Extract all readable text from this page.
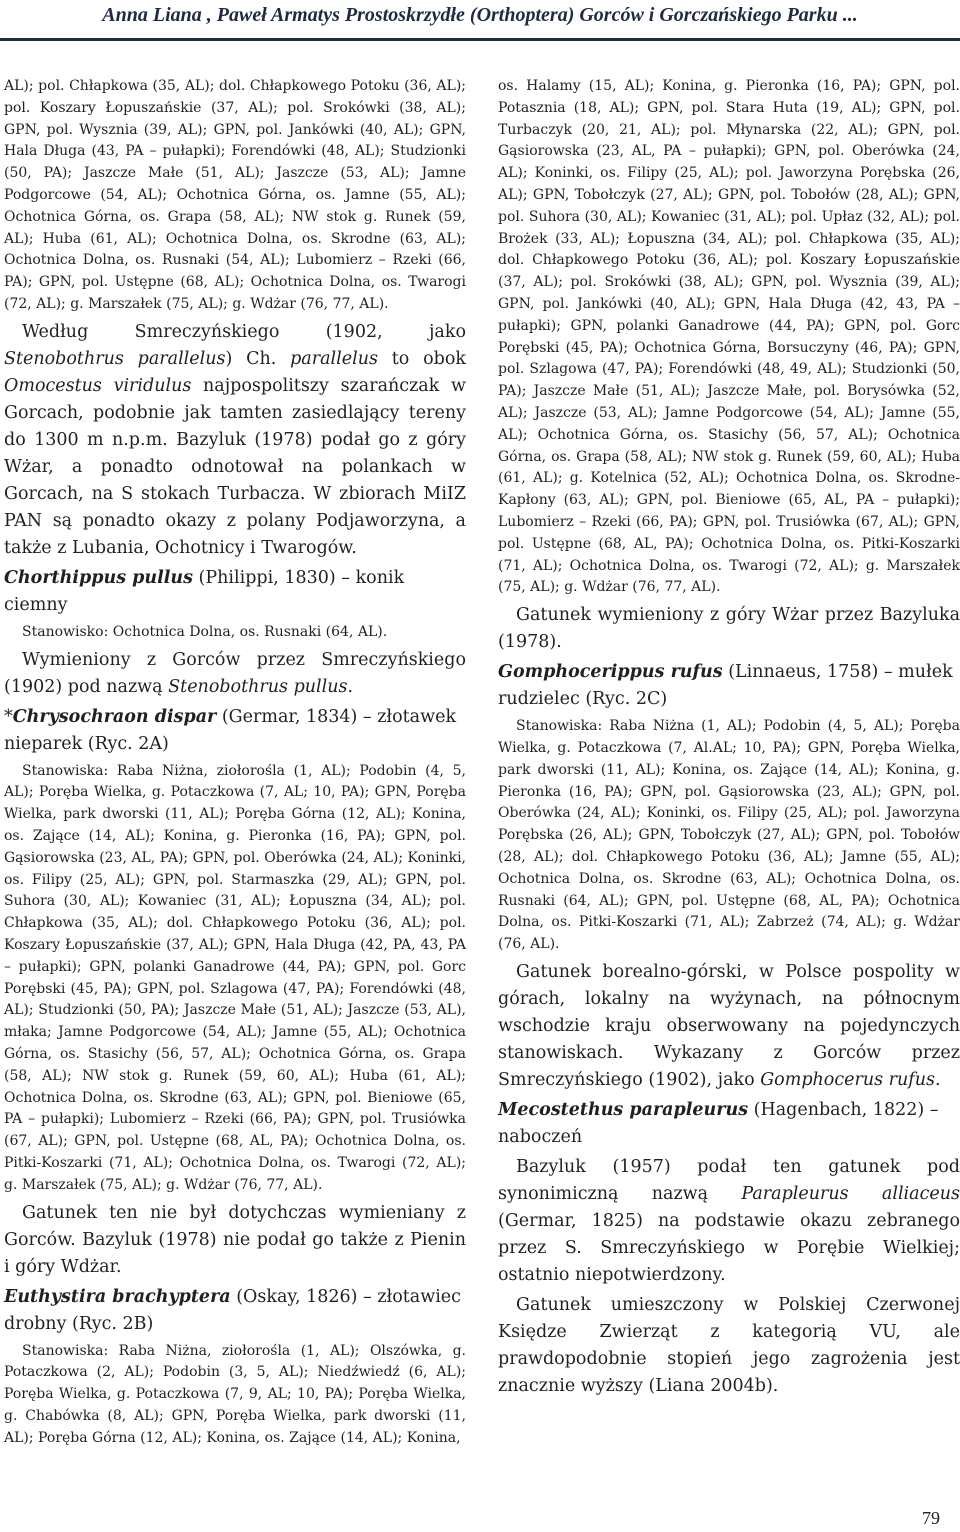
Anna Liana , Paweł Armatys Prostoskrzydłe (Orthoptera) Gorców i Gorczańskiego Parku ...

AL); pol. Chłapkowa (35, AL); dol. Chłapkowego Potoku (36, AL); pol. Koszary Łopuszańskie (37, AL); pol. Srokówki (38, AL); GPN, pol. Wysznia (39, AL); GPN, pol. Jankówki (40, AL); GPN, Hala Długa (43, PA – pułapki); Forendówki (48, AL); Studzionki (50, PA); Jaszcze Małe (51, AL); Jaszcze (53, AL); Jamne Podgorcowe (54, AL); Ochotnica Górna, os. Jamne (55, AL); Ochotnica Górna, os. Grapa (58, AL); NW stok g. Runek (59, AL); Huba (61, AL); Ochotnica Dolna, os. Skrodne (63, AL); Ochotnica Dolna, os. Rusnaki (54, AL); Lubomierz – Rzeki (66, PA); GPN, pol. Ustępne (68, AL); Ochotnica Dolna, os. Twarogi (72, AL); g. Marszałek (75, AL); g. Wdżar (76, 77, AL).

Według Smreczyńskiego (1902, jako Stenobothrus parallelus) Ch. parallelus to obok Omocestus viridulus najpospolitszy szarańczak w Gorcach, podobnie jak tamten zasiedlający tereny do 1300 m n.p.m. Bazyluk (1978) podał go z góry Wżar, a ponadto odnotował na polankach w Gorcach, na S stokach Turbacza. W zbiorach MiIZ PAN są ponadto okazy z polany Podjaworzyna, a także z Lubania, Ochotnicy i Twarogów.

Chorthippus pullus (Philippi, 1830) – konik ciemny

Stanowisko: Ochotnica Dolna, os. Rusnaki (64, AL).

Wymieniony z Gorców przez Smreczyńskiego (1902) pod nazwą Stenobothrus pullus.

*Chrysochraon dispar (Germar, 1834) – złotawek nieparek (Ryc. 2A)

Stanowiska: Raba Niżna, ziołorośla (1, AL); Podobin (4, 5, AL); Poręba Wielka, g. Potaczkowa (7, AL; 10, PA); GPN, Poręba Wielka, park dworski (11, AL); Poręba Górna (12, AL); Konina, os. Zające (14, AL); Konina, g. Pieronka (16, PA); GPN, pol. Gąsiorowska (23, AL, PA); GPN, pol. Oberówka (24, AL); Koninki, os. Filipy (25, AL); GPN, pol. Starmaszka (29, AL); GPN, pol. Suhora (30, AL); Kowaniec (31, AL); Łopuszna (34, AL); pol. Chłapkowa (35, AL); dol. Chłapkowego Potoku (36, AL); pol. Koszary Łopuszańskie (37, AL); GPN, Hala Długa (42, PA, 43, PA – pułapki); GPN, polanki Ganadrowe (44, PA); GPN, pol. Gorc Porębski (45, PA); GPN, pol. Szlagowa (47, PA); Forendówki (48, AL); Studzionki (50, PA); Jaszcze Małe (51, AL); Jaszcze (53, AL), młaka; Jamne Podgorcowe (54, AL); Jamne (55, AL); Ochotnica Górna, os. Stasichy (56, 57, AL); Ochotnica Górna, os. Grapa (58, AL); NW stok g. Runek (59, 60, AL); Huba (61, AL); Ochotnica Dolna, os. Skrodne (63, AL); GPN, pol. Bieniowe (65, PA – pułapki); Lubomierz – Rzeki (66, PA); GPN, pol. Trusiówka (67, AL); GPN, pol. Ustępne (68, AL, PA); Ochotnica Dolna, os. Pitki-Koszarki (71, AL); Ochotnica Dolna, os. Twarogi (72, AL); g. Marszałek (75, AL); g. Wdżar (76, 77, AL).

Gatunek ten nie był dotychczas wymieniany z Gorców. Bazyluk (1978) nie podał go także z Pienin i góry Wdżar.

Euthystira brachyptera (Oskay, 1826) – złotawiec drobny (Ryc. 2B)

Stanowiska: Raba Niżna, ziołorośla (1, AL); Olszówka, g. Potaczkowa (2, AL); Podobin (3, 5, AL); Niedźwiedź (6, AL); Poręba Wielka, g. Potaczkowa (7, 9, AL; 10, PA); Poręba Wielka, g. Chabówka (8, AL); GPN, Poręba Wielka, park dworski (11, AL); Poręba Górna (12, AL); Konina, os. Zające (14, AL); Konina,

os. Halamy (15, AL); Konina, g. Pieronka (16, PA); GPN, pol. Potasznia (18, AL); GPN, pol. Stara Huta (19, AL); GPN, pol. Turbaczyk (20, 21, AL); pol. Młynarska (22, AL); GPN, pol. Gąsiorowska (23, AL, PA – pułapki); GPN, pol. Oberówka (24, AL); Koninki, os. Filipy (25, AL); pol. Jaworzyna Porębska (26, AL); GPN, Tobołczyk (27, AL); GPN, pol. Tobołów (28, AL); GPN, pol. Suhora (30, AL); Kowaniec (31, AL); pol. Upłaz (32, AL); pol. Brożek (33, AL); Łopuszna (34, AL); pol. Chłapkowa (35, AL); dol. Chłapkowego Potoku (36, AL); pol. Koszary Łopuszańskie (37, AL); pol. Srokówki (38, AL); GPN, pol. Wysznia (39, AL); GPN, pol. Jankówki (40, AL); GPN, Hala Długa (42, 43, PA – pułapki); GPN, polanki Ganadrowe (44, PA); GPN, pol. Gorc Porębski (45, PA); Ochotnica Górna, Borsuczyny (46, PA); GPN, pol. Szlagowa (47, PA); Forendówki (48, 49, AL); Studzionki (50, PA); Jaszcze Małe (51, AL); Jaszcze Małe, pol. Borysówka (52, AL); Jaszcze (53, AL); Jamne Podgorcowe (54, AL); Jamne (55, AL); Ochotnica Górna, os. Stasichy (56, 57, AL); Ochotnica Górna, os. Grapa (58, AL); NW stok g. Runek (59, 60, AL); Huba (61, AL); g. Kotelnica (52, AL); Ochotnica Dolna, os. Skrodne-Kapłony (63, AL); GPN, pol. Bieniowe (65, AL, PA – pułapki); Lubomierz – Rzeki (66, PA); GPN, pol. Trusiówka (67, AL); GPN, pol. Ustępne (68, AL, PA); Ochotnica Dolna, os. Pitki-Koszarki (71, AL); Ochotnica Dolna, os. Twarogi (72, AL); g. Marszałek (75, AL); g. Wdżar (76, 77, AL).

Gatunek wymieniony z góry Wżar przez Bazyluka (1978).

Gomphocerippus rufus (Linnaeus, 1758) – mułek rudzielec (Ryc. 2C)

Stanowiska: Raba Niżna (1, AL); Podobin (4, 5, AL); Poręba Wielka, g. Potaczkowa (7, Al.AL; 10, PA); GPN, Poręba Wielka, park dworski (11, AL); Konina, os. Zające (14, AL); Konina, g. Pieronka (16, PA); GPN, pol. Gąsiorowska (23, AL); GPN, pol. Oberówka (24, AL); Koninki, os. Filipy (25, AL); pol. Jaworzyna Porębska (26, AL); GPN, Tobołczyk (27, AL); GPN, pol. Tobołów (28, AL); dol. Chłapkowego Potoku (36, AL); Jamne (55, AL); Ochotnica Dolna, os. Skrodne (63, AL); Ochotnica Dolna, os. Rusnaki (64, AL); GPN, pol. Ustępne (68, AL, PA); Ochotnica Dolna, os. Pitki-Koszarki (71, AL); Zabrzeż (74, AL); g. Wdżar (76, AL).

Gatunek borealno-górski, w Polsce pospolity w górach, lokalny na wyżynach, na północnym wschodzie kraju obserwowany na pojedynczych stanowiskach. Wykazany z Gorców przez Smreczyńskiego (1902), jako Gomphocerus rufus.

Mecostethus parapleurus (Hagenbach, 1822) – naboczeń

Bazyluk (1957) podał ten gatunek pod synonimiczną nazwą Parapleurus alliaceus (Germar, 1825) na podstawie okazu zebranego przez S. Smreczyńskiego w Porębie Wielkiej; ostatnio niepotwierdzony.

Gatunek umieszczony w Polskiej Czerwonej Księdze Zwierząt z kategorią VU, ale prawdopodobnie stopień jego zagrożenia jest znacznie wyższy (Liana 2004b).

79
